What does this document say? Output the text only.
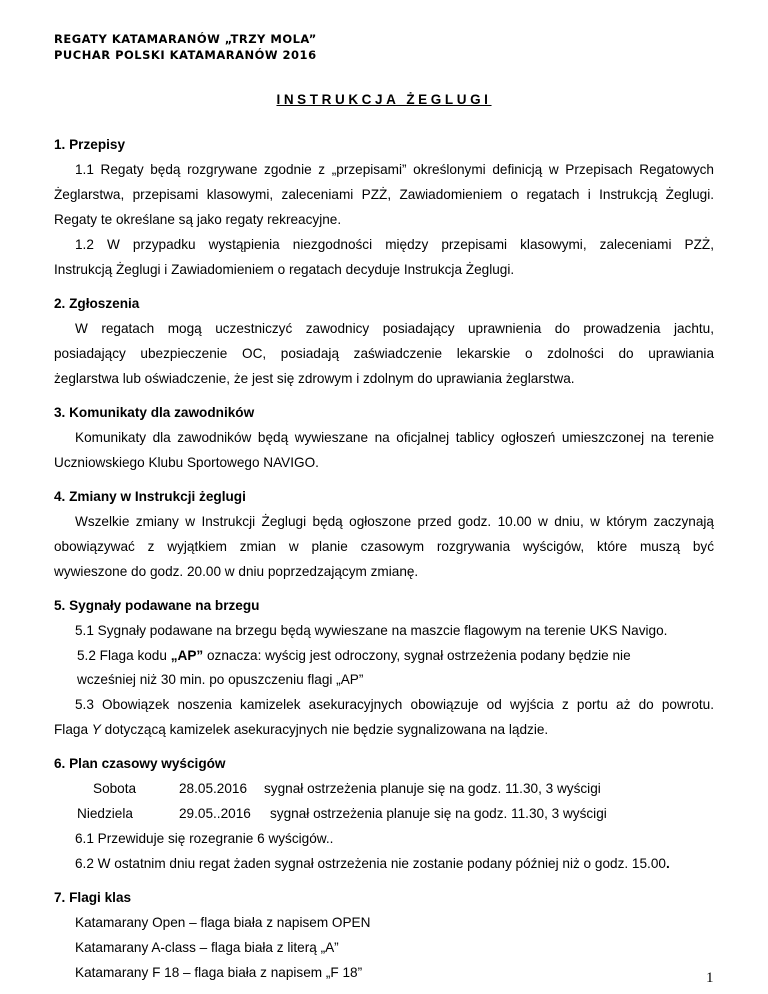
REGATY KATAMARANÓW „TRZY MOLA”
PUCHAR POLSKI KATAMARANÓW 2016
INSTRUKCJA ŻEGLUGI
1. Przepisy
1.1 Regaty będą rozgrywane zgodnie z „przepisami” określonymi definicją w Przepisach Regatowych
Żeglarstwa, przepisami klasowymi, zaleceniami PZŻ, Zawiadomieniem o regatach i Instrukcją Żeglugi.
Regaty te określane są jako regaty rekreacyjne.
1.2 W przypadku wystąpienia niezgodności między przepisami klasowymi, zaleceniami PZŻ,
Instrukcją Żeglugi i Zawiadomieniem o regatach decyduje Instrukcja Żeglugi.
2. Zgłoszenia
W regatach mogą uczestniczyć zawodnicy posiadający uprawnienia do prowadzenia jachtu,
posiadający ubezpieczenie OC, posiadają zaświadczenie lekarskie o zdolności do uprawiania
żeglarstwa lub oświadczenie, że jest się zdrowym i zdolnym do uprawiania żeglarstwa.
3. Komunikaty dla zawodników
Komunikaty dla zawodników będą wywieszane na oficjalnej tablicy ogłoszeń umieszczonej na terenie
Uczniowskiego Klubu Sportowego NAVIGO.
4. Zmiany w Instrukcji żeglugi
Wszelkie zmiany w Instrukcji Żeglugi będą ogłoszone przed godz. 10.00 w dniu, w którym zaczynają
obowiązywać z wyjątkiem zmian w planie czasowym rozgrywania wyścigów, które muszą być
wywieszone do godz. 20.00 w dniu poprzedzającym zmianę.
5. Sygnały podawane na brzegu
5.1 Sygnały podawane na brzegu będą wywieszane na maszcie flagowym na terenie UKS Navigo.
5.2 Flaga kodu „AP” oznacza: wyścig jest odroczony, sygnał ostrzeżenia podany będzie nie
wcześniej niż 30 min. po opuszczeniu flagi „AP”
5.3 Obowiązek noszenia kamizelek asekuracyjnych obowiązuje od wyjścia z portu aż do powrotu.
Flaga Y dotyczącą kamizelek asekuracyjnych nie będzie sygnalizowana na lądzie.
6. Plan czasowy wyścigów
Sobota	28.05.2016 sygnał ostrzeżenia planuje się na godz. 11.30, 3 wyścigi
Niedziela	29.05..2016 sygnał ostrzeżenia planuje się na godz. 11.30, 3 wyścigi
6.1 Przewiduje się rozegranie 6 wyścigów..
6.2 W ostatnim dniu regat żaden sygnał ostrzeżenia nie zostanie podany później niż o godz. 15.00.
7. Flagi klas
Katamarany Open – flaga biała z napisem OPEN
Katamarany A-class – flaga biała z literą „A”
Katamarany F 18 – flaga biała z napisem „F 18”	1
